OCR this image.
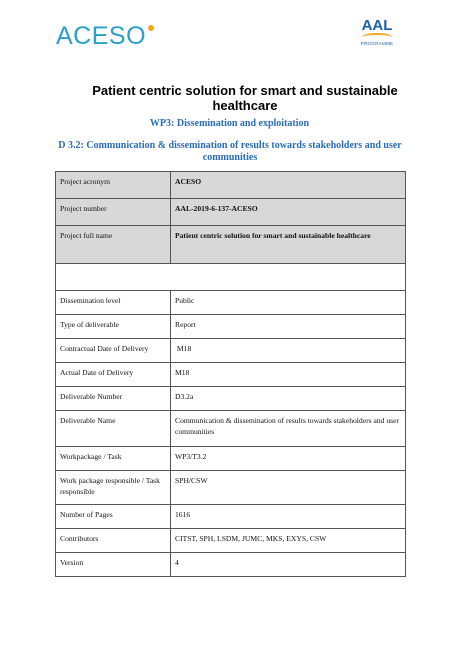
ACESO	AAL
PROGRAMME
Patient centric solution for smart and sustainable healthcare
WP3: Dissemination and exploitation
D 3.2: Communication & dissemination of results towards stakeholders and user communities
Project acronym	ACESO
Project number	AAL-2019-6-137-ACESO
Project full name	Patient centric solution for smart and sustainable healthcare

Dissemination level	Public
Type of deliverable	Report
Contractual Date of Delivery	M18
Actual Date of Delivery	M18
Deliverable Number	D3.2a
Deliverable Name	Communication & dissemination of results towards stakeholders and user communities
Workpackage / Task	WP3/T3.2
Work package responsible / Task responsible	SPH/CSW
Number of Pages	1616
Contributors	CITST, SPH, LSDM, JUMC, MKS, EXYS, CSW
Version	4
